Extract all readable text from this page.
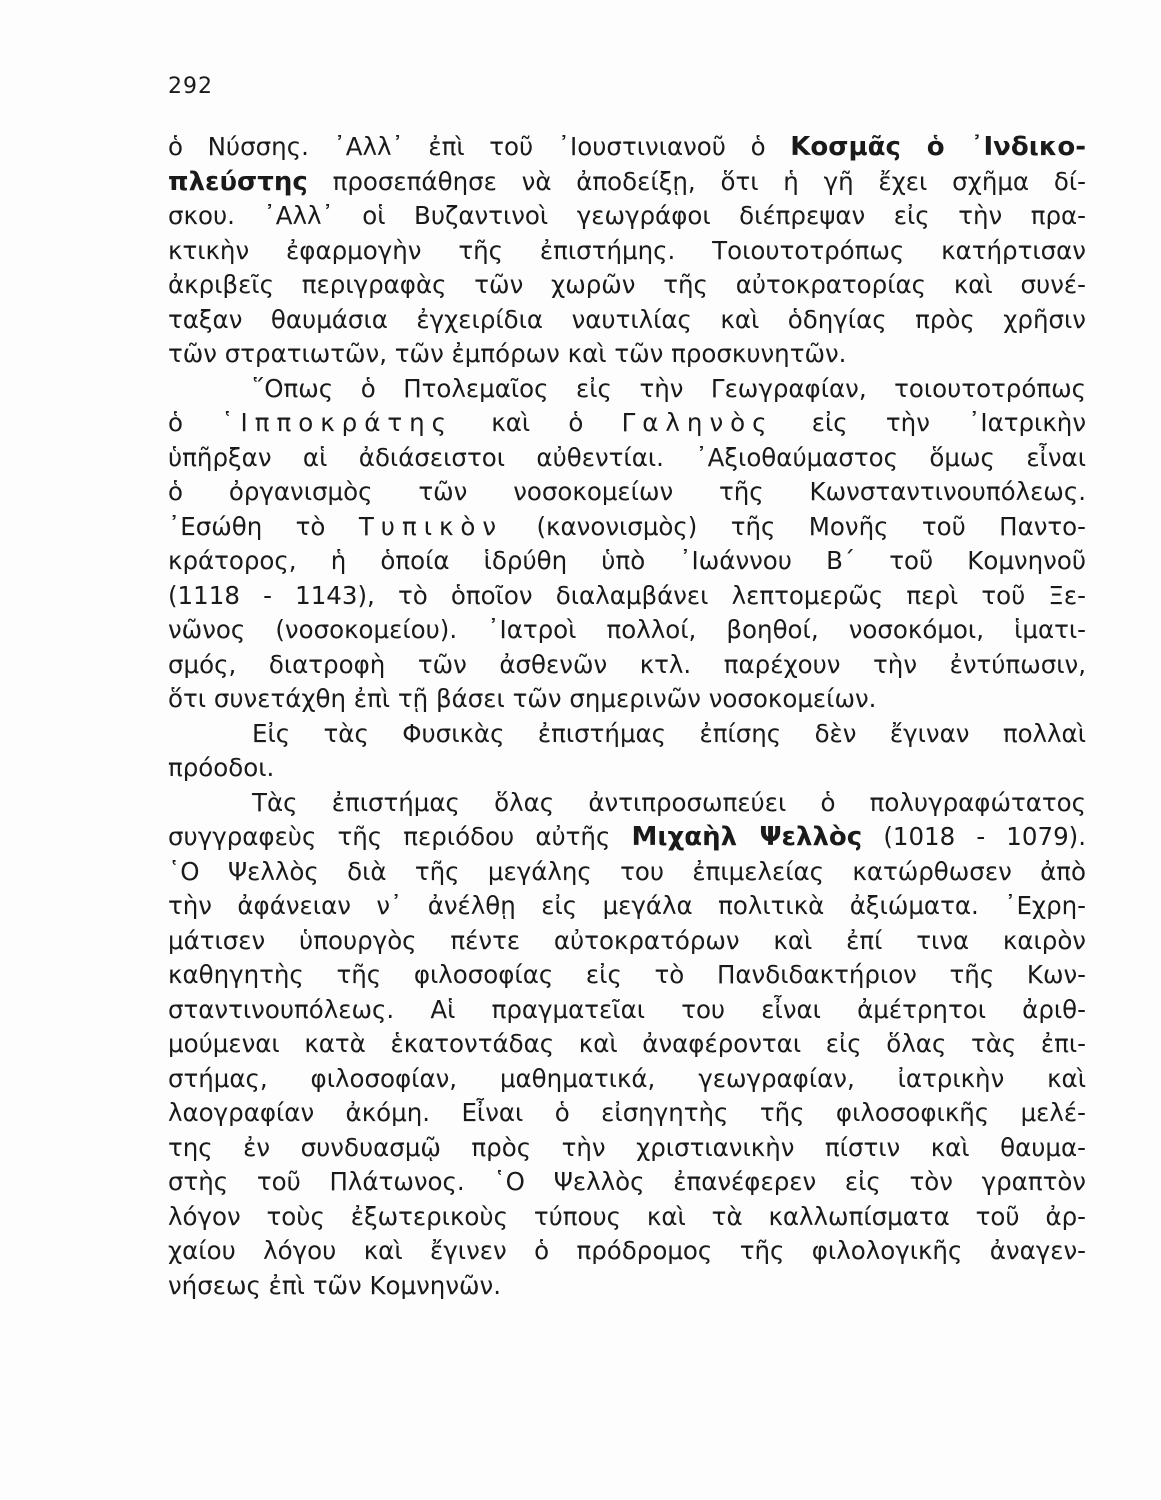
292
ὁ Νύσσης. ᾿Αλλ᾿ ἐπὶ τοῦ ᾿Ιουστινιανοῦ ὁ Κοσμᾶς ὁ ᾿Ινδικο-
πλεύστης προσεπάθησε νὰ ἀποδείξῃ, ὅτι ἡ γῆ ἔχει σχῆμα δί-
σκου. ᾿Αλλ᾿ οἱ Βυζαντινοὶ γεωγράφοι διέπρεψαν εἰς τὴν πρα-
κτικὴν ἐφαρμογὴν τῆς ἐπιστήμης. Τοιουτοτρόπως κατήρτισαν
ἀκριβεῖς περιγραφὰς τῶν χωρῶν τῆς αὐτοκρατορίας καὶ συνέ-
ταξαν θαυμάσια ἐγχειρίδια ναυτιλίας καὶ ὁδηγίας πρὸς χρῆσιν
τῶν στρατιωτῶν, τῶν ἐμπόρων καὶ τῶν προσκυνητῶν.
῞Οπως ὁ Πτολεμαῖος εἰς τὴν Γεωγραφίαν, τοιουτοτρόπως
ὁ ῾Ιπποκράτης καὶ ὁ Γαληνὸς εἰς τὴν ᾿Ιατρικὴν
ὑπῆρξαν αἱ ἀδιάσειστοι αὐθεντίαι. ᾿Αξιοθαύμαστος ὅμως εἶναι
ὁ ὀργανισμὸς τῶν νοσοκομείων τῆς Κωνσταντινουπόλεως.
᾿Εσώθη τὸ Τυπικὸν (κανονισμὸς) τῆς Μονῆς τοῦ Παντο-
κράτορος, ἡ ὁποία ἱδρύθη ὑπὸ ᾿Ιωάννου Β΄ τοῦ Κομνηνοῦ
(1118 - 1143), τὸ ὁποῖον διαλαμβάνει λεπτομερῶς περὶ τοῦ Ξε-
νῶνος (νοσοκομείου). ᾿Ιατροὶ πολλοί, βοηθοί, νοσοκόμοι, ἱματι-
σμός, διατροφὴ τῶν ἀσθενῶν κτλ. παρέχουν τὴν ἐντύπωσιν,
ὅτι συνετάχθη ἐπὶ τῇ βάσει τῶν σημερινῶν νοσοκομείων.
Εἰς τὰς Φυσικὰς ἐπιστήμας ἐπίσης δὲν ἔγιναν πολλαὶ
πρόοδοι.
Τὰς ἐπιστήμας ὅλας ἀντιπροσωπεύει ὁ πολυγραφώτατος
συγγραφεὺς τῆς περιόδου αὐτῆς Μιχαὴλ Ψελλὸς (1018 - 1079).
῾Ο Ψελλὸς διὰ τῆς μεγάλης του ἐπιμελείας κατώρθωσεν ἀπὸ
τὴν ἀφάνειαν ν᾿ ἀνέλθῃ εἰς μεγάλα πολιτικὰ ἀξιώματα. ᾿Εχρη-
μάτισεν ὑπουργὸς πέντε αὐτοκρατόρων καὶ ἐπί τινα καιρὸν
καθηγητὴς τῆς φιλοσοφίας εἰς τὸ Πανδιδακτήριον τῆς Κων-
σταντινουπόλεως. Αἱ πραγματεῖαι του εἶναι ἀμέτρητοι ἀριθ-
μούμεναι κατὰ ἑκατοντάδας καὶ ἀναφέρονται εἰς ὅλας τὰς ἐπι-
στήμας, φιλοσοφίαν, μαθηματικά, γεωγραφίαν, ἰατρικὴν καὶ
λαογραφίαν ἀκόμη. Εἶναι ὁ εἰσηγητὴς τῆς φιλοσοφικῆς μελέ-
της ἐν συνδυασμῷ πρὸς τὴν χριστιανικὴν πίστιν καὶ θαυμα-
στὴς τοῦ Πλάτωνος. ῾Ο Ψελλὸς ἐπανέφερεν εἰς τὸν γραπτὸν
λόγον τοὺς ἐξωτερικοὺς τύπους καὶ τὰ καλλωπίσματα τοῦ ἀρ-
χαίου λόγου καὶ ἔγινεν ὁ πρόδρομος τῆς φιλολογικῆς ἀναγεν-
νήσεως ἐπὶ τῶν Κομνηνῶν.
